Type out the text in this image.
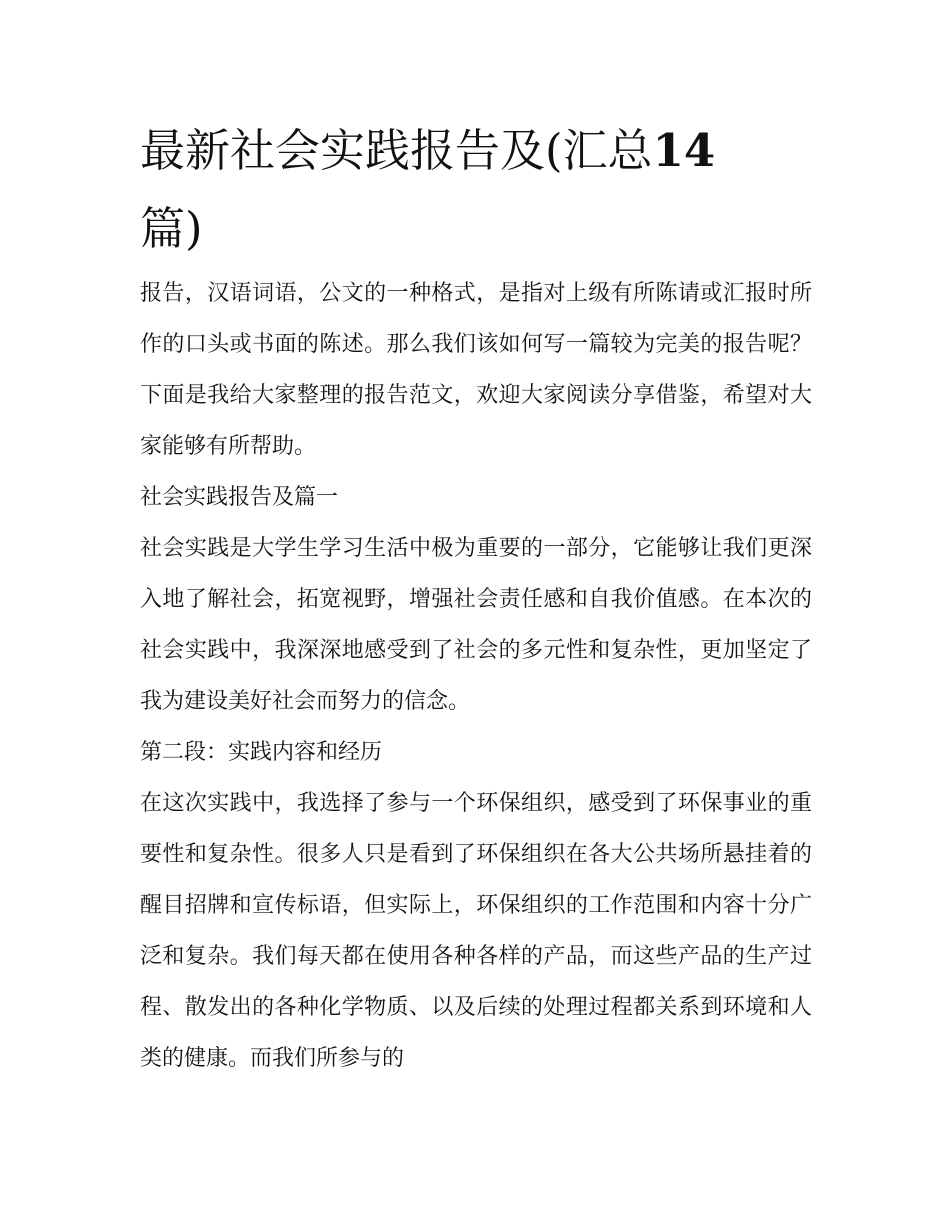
最新社会实践报告及(汇总14
篇)

报告，汉语词语，公文的一种格式，是指对上级有所陈请或汇报时所作的口头或书面的陈述。那么我们该如何写一篇较为完美的报告呢？下面是我给大家整理的报告范文，欢迎大家阅读分享借鉴，希望对大家能够有所帮助。

社会实践报告及篇一

社会实践是大学生学习生活中极为重要的一部分，它能够让我们更深入地了解社会，拓宽视野，增强社会责任感和自我价值感。在本次的社会实践中，我深深地感受到了社会的多元性和复杂性，更加坚定了我为建设美好社会而努力的信念。

第二段：实践内容和经历

在这次实践中，我选择了参与一个环保组织，感受到了环保事业的重要性和复杂性。很多人只是看到了环保组织在各大公共场所悬挂着的醒目招牌和宣传标语，但实际上，环保组织的工作范围和内容十分广泛和复杂。我们每天都在使用各种各样的产品，而这些产品的生产过程、散发出的各种化学物质、以及后续的处理过程都关系到环境和人类的健康。而我们所参与的
